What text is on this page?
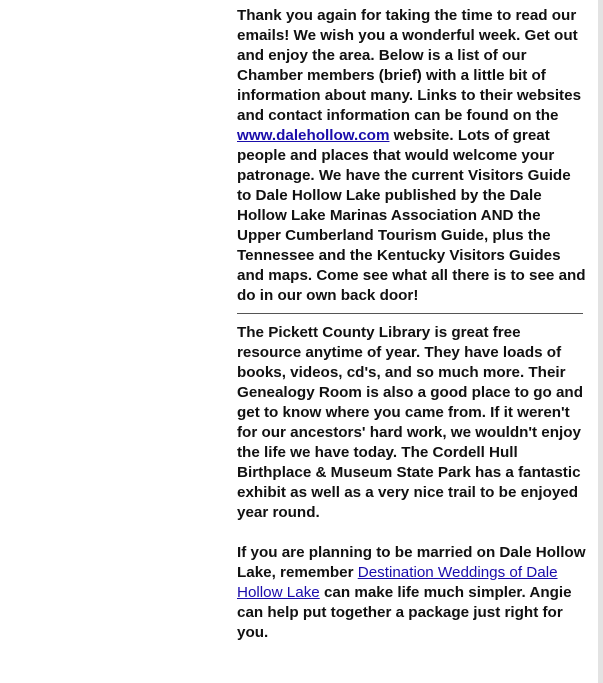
Thank you again for taking the time to read our emails! We wish you a wonderful week. Get out and enjoy the area. Below is a list of our Chamber members (brief) with a little bit of information about many. Links to their websites and contact information can be found on the www.dalehollow.com website. Lots of great people and places that would welcome your patronage. We have the current Visitors Guide to Dale Hollow Lake published by the Dale Hollow Lake Marinas Association AND the Upper Cumberland Tourism Guide, plus the Tennessee and the Kentucky Visitors Guides and maps. Come see what all there is to see and do in our own back door!

The Pickett County Library is great free resource anytime of year. They have loads of books, videos, cd's, and so much more. Their Genealogy Room is also a good place to go and get to know where you came from. If it weren't for our ancestors' hard work, we wouldn't enjoy the life we have today. The Cordell Hull Birthplace & Museum State Park has a fantastic exhibit as well as a very nice trail to be enjoyed year round.

If you are planning to be married on Dale Hollow Lake, remember Destination Weddings of Dale Hollow Lake can make life much simpler. Angie can help put together a package just right for you.
